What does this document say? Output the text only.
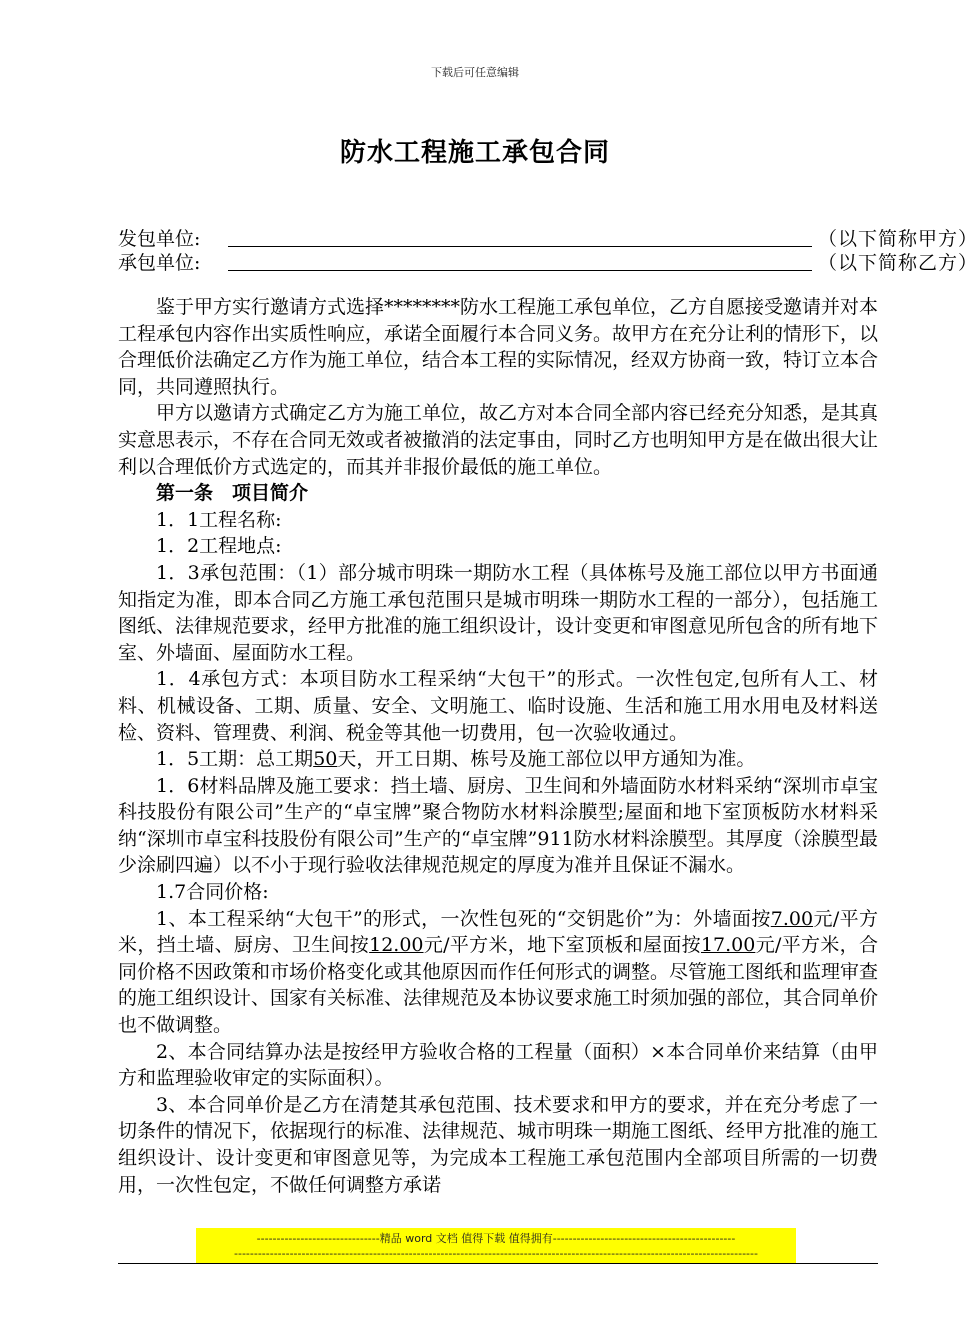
下载后可任意编辑
防水工程施工承包合同
发包单位:	（以下简称甲方）
承包单位:	（以下简称乙方）

鉴于甲方实行邀请方式选择********防水工程施工承包单位，乙方自愿接受邀请并对本工程承包内容作出实质性响应，承诺全面履行本合同义务。故甲方在充分让利的情形下，以合理低价法确定乙方作为施工单位，结合本工程的实际情况，经双方协商一致，特订立本合同，共同遵照执行。

甲方以邀请方式确定乙方为施工单位，故乙方对本合同全部内容已经充分知悉，是其真实意思表示，不存在合同无效或者被撤消的法定事由，同时乙方也明知甲方是在做出很大让利以合理低价方式选定的，而其并非报价最低的施工单位。

第一条　项目简介

1．1工程名称:

1．2工程地点:

1．3承包范围：（1）部分城市明珠一期防水工程（具体栋号及施工部位以甲方书面通知指定为准，即本合同乙方施工承包范围只是城市明珠一期防水工程的一部分），包括施工图纸、法律规范要求，经甲方批准的施工组织设计，设计变更和审图意见所包含的所有地下室、外墙面、屋面防水工程。

1．4承包方式：本项目防水工程采纳“大包干”的形式。一次性包定,包所有人工、材料、机械设备、工期、质量、安全、文明施工、临时设施、生活和施工用水用电及材料送检、资料、管理费、利润、税金等其他一切费用，包一次验收通过。

1．5工期：总工期50天，开工日期、栋号及施工部位以甲方通知为准。

1．6材料品牌及施工要求：挡土墙、厨房、卫生间和外墙面防水材料采纳“深圳市卓宝科技股份有限公司”生产的“卓宝牌”聚合物防水材料涂膜型;屋面和地下室顶板防水材料采纳“深圳市卓宝科技股份有限公司”生产的“卓宝牌”911防水材料涂膜型。其厚度（涂膜型最少涂刷四遍）以不小于现行验收法律规范规定的厚度为准并且保证不漏水。

1.7合同价格:

1、本工程采纳“大包干”的形式，一次性包死的“交钥匙价”为：外墙面按7.00元/平方米，挡土墙、厨房、卫生间按12.00元/平方米，地下室顶板和屋面按17.00元/平方米，合同价格不因政策和市场价格变化或其他原因而作任何形式的调整。尽管施工图纸和监理审查的施工组织设计、国家有关标准、法律规范及本协议要求施工时须加强的部位，其合同单价也不做调整。

2、本合同结算办法是按经甲方验收合格的工程量（面积）×本合同单价来结算（由甲方和监理验收审定的实际面积）。

3、本合同单价是乙方在清楚其承包范围、技术要求和甲方的要求，并在充分考虑了一切条件的情况下，依据现行的标准、法律规范、城市明珠一期施工图纸、经甲方批准的施工组织设计、设计变更和审图意见等，为完成本工程施工承包范围内全部项目所需的一切费用，一次性包定，不做任何调整方承诺

-------------------------------精品 word 文档 值得下载 值得拥有----------------------------------------------
------------------------------------------------------------------------------------------------------------------------------------
